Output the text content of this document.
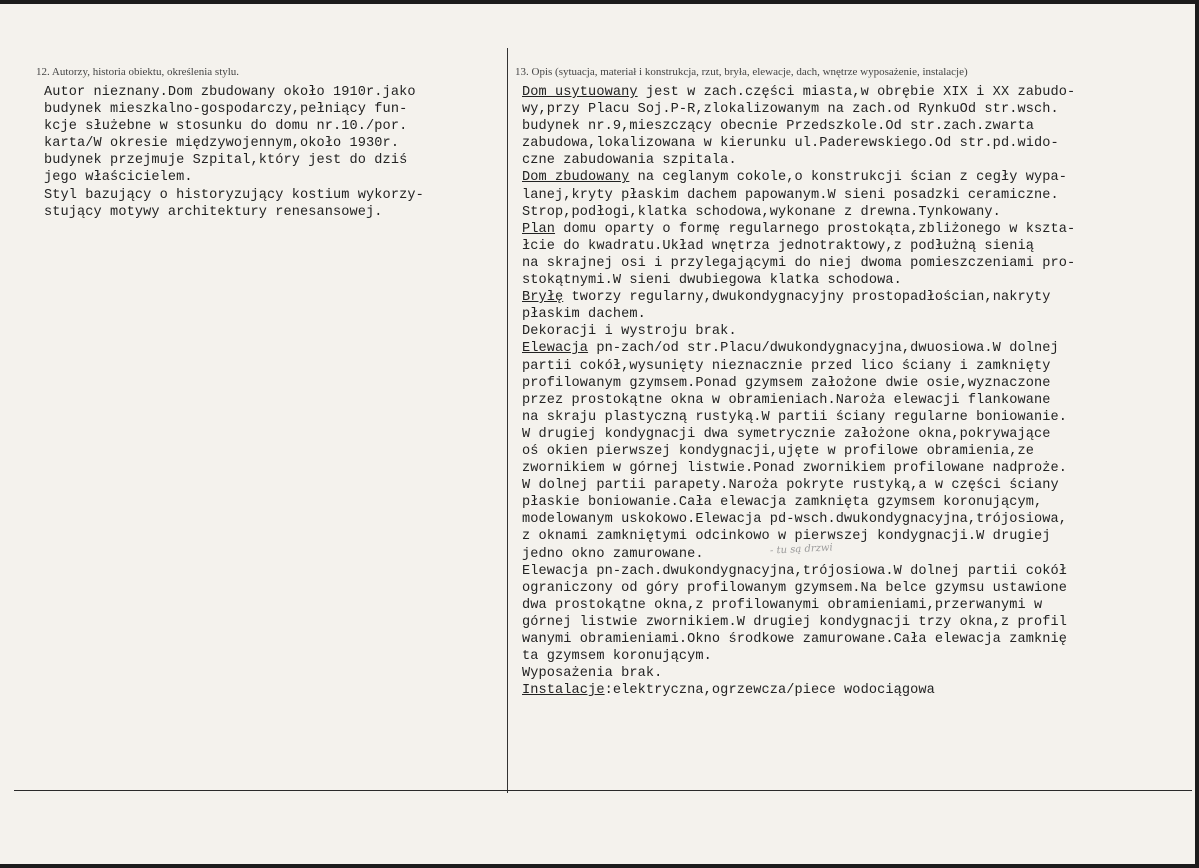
12. Autorzy, historia obiektu, określenia stylu.	13. Opis (sytuacja, materiał i konstrukcja, rzut, bryła, elewacje, dach, wnętrze wyposażenie, instalacje)
Autor nieznany.Dom zbudowany około 1910r.jako
budynek mieszkalno-gospodarczy,pełniący fun-
kcje służebne w stosunku do domu nr.10./por.
karta/W okresie międzywojennym,około 1930r.
budynek przejmuje Szpital,który jest do dziś
jego właścicielem.
Styl bazujący o historyzujący kostium wykorzy-
stujący motywy architektury renesansowej.
Dom usytuowany jest w zach.części miasta,w obrębie XIX i XX zabudo-
wy,przy Placu Soj.P-R,zlokalizowanym na zach.od RynkuOd str.wsch.
budynek nr.9,mieszczący obecnie Przedszkole.Od str.zach.zwarta
zabudowa,lokalizowana w kierunku ul.Paderewskiego.Od str.pd.wido-
czne zabudowania szpitala.
Dom zbudowany na ceglanym cokole,o konstrukcji ścian z cegły wypa-
lanej,kryty płaskim dachem papowanym.W sieni posadzki ceramiczne.
Strop,podłogi,klatka schodowa,wykonane z drewna.Tynkowany.
Plan domu oparty o formę regularnego prostokąta,zbliżonego w kszta-
łcie do kwadratu.Układ wnętrza jednotraktowy,z podłużną sienią
na skrajnej osi i przylegającymi do niej dwoma pomieszczeniami pro-
stokątnymi.W sieni dwubiegowa klatka schodowa.
Bryłę tworzy regularny,dwukondygnacyjny prostopadłościan,nakryty
płaskim dachem.
Dekoracji i wystroju brak.
Elewacja pn-zach/od str.Placu/dwukondygnacyjna,dwuosiowa.W dolnej
partii cokół,wysunięty nieznacznie przed lico ściany i zamknięty
profilowanym gzymsem.Ponad gzymsem założone dwie osie,wyznaczone
przez prostokątne okna w obramieniach.Naroża elewacji flankowane
na skraju plastyczną rustyką.W partii ściany regularne boniowanie.
W drugiej kondygnacji dwa symetrycznie założone okna,pokrywające
oś okien pierwszej kondygnacji,ujęte w profilowe obramienia,ze
zwornikiem w górnej listwie.Ponad zwornikiem profilowane nadproże.
W dolnej partii parapety.Naroża pokryte rustyką,a w części ściany
płaskie boniowanie.Cała elewacja zamknięta gzymsem koronującym,
modelowanym uskokowo.Elewacja pd-wsch.dwukondygnacyjna,trójosiowa,
z oknami zamkniętymi odcinkowo w pierwszej kondygnacji.W drugiej
jedno okno zamurowane.
Elewacja pn-zach.dwukondygnacyjna,trójosiowa.W dolnej partii cokół
ograniczony od góry profilowanym gzymsem.Na belce gzymsu ustawione
dwa prostokątne okna,z profilowanymi obramieniami,przerwanymi w
górnej listwie zwornikiem.W drugiej kondygnacji trzy okna,z profil
wanymi obramieniami.Okno środkowe zamurowane.Cała elewacja zamknię
ta gzymsem koronującym.
Wyposażenia brak.
Instalacje:elektryczna,ogrzewcza/piece wodociągowa
- tu są drzwi
